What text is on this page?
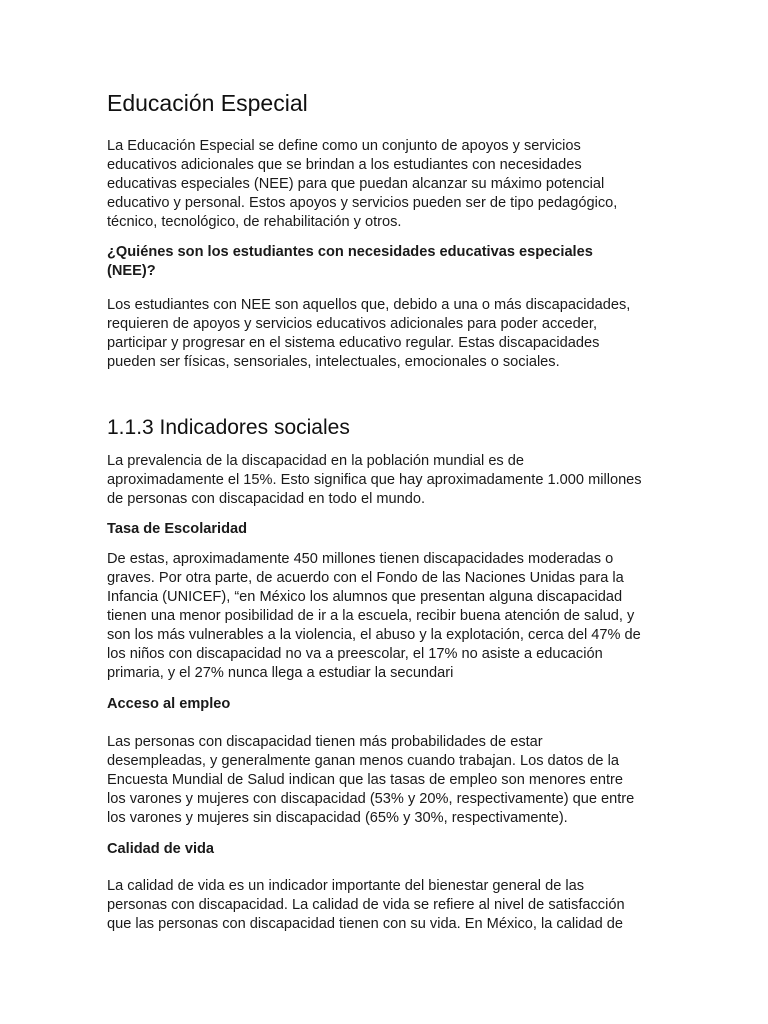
Educación Especial
La Educación Especial se define como un conjunto de apoyos y servicios
educativos adicionales que se brindan a los estudiantes con necesidades
educativas especiales (NEE) para que puedan alcanzar su máximo potencial
educativo y personal. Estos apoyos y servicios pueden ser de tipo pedagógico,
técnico, tecnológico, de rehabilitación y otros.
¿Quiénes son los estudiantes con necesidades educativas especiales
(NEE)?
Los estudiantes con NEE son aquellos que, debido a una o más discapacidades,
requieren de apoyos y servicios educativos adicionales para poder acceder,
participar y progresar en el sistema educativo regular. Estas discapacidades
pueden ser físicas, sensoriales, intelectuales, emocionales o sociales.
1.1.3 Indicadores sociales
La prevalencia de la discapacidad en la población mundial es de
aproximadamente el 15%. Esto significa que hay aproximadamente 1.000 millones
de personas con discapacidad en todo el mundo.
Tasa de Escolaridad
De estas, aproximadamente 450 millones tienen discapacidades moderadas o
graves. Por otra parte, de acuerdo con el Fondo de las Naciones Unidas para la
Infancia (UNICEF), “en México los alumnos que presentan alguna discapacidad
tienen una menor posibilidad de ir a la escuela, recibir buena atención de salud, y
son los más vulnerables a la violencia, el abuso y la explotación, cerca del 47% de
los niños con discapacidad no va a preescolar, el 17% no asiste a educación
primaria, y el 27% nunca llega a estudiar la secundari
Acceso al empleo
Las personas con discapacidad tienen más probabilidades de estar
desempleadas, y generalmente ganan menos cuando trabajan. Los datos de la
Encuesta Mundial de Salud indican que las tasas de empleo son menores entre
los varones y mujeres con discapacidad (53% y 20%, respectivamente) que entre
los varones y mujeres sin discapacidad (65% y 30%, respectivamente).
Calidad de vida
La calidad de vida es un indicador importante del bienestar general de las
personas con discapacidad. La calidad de vida se refiere al nivel de satisfacción
que las personas con discapacidad tienen con su vida. En México, la calidad de
